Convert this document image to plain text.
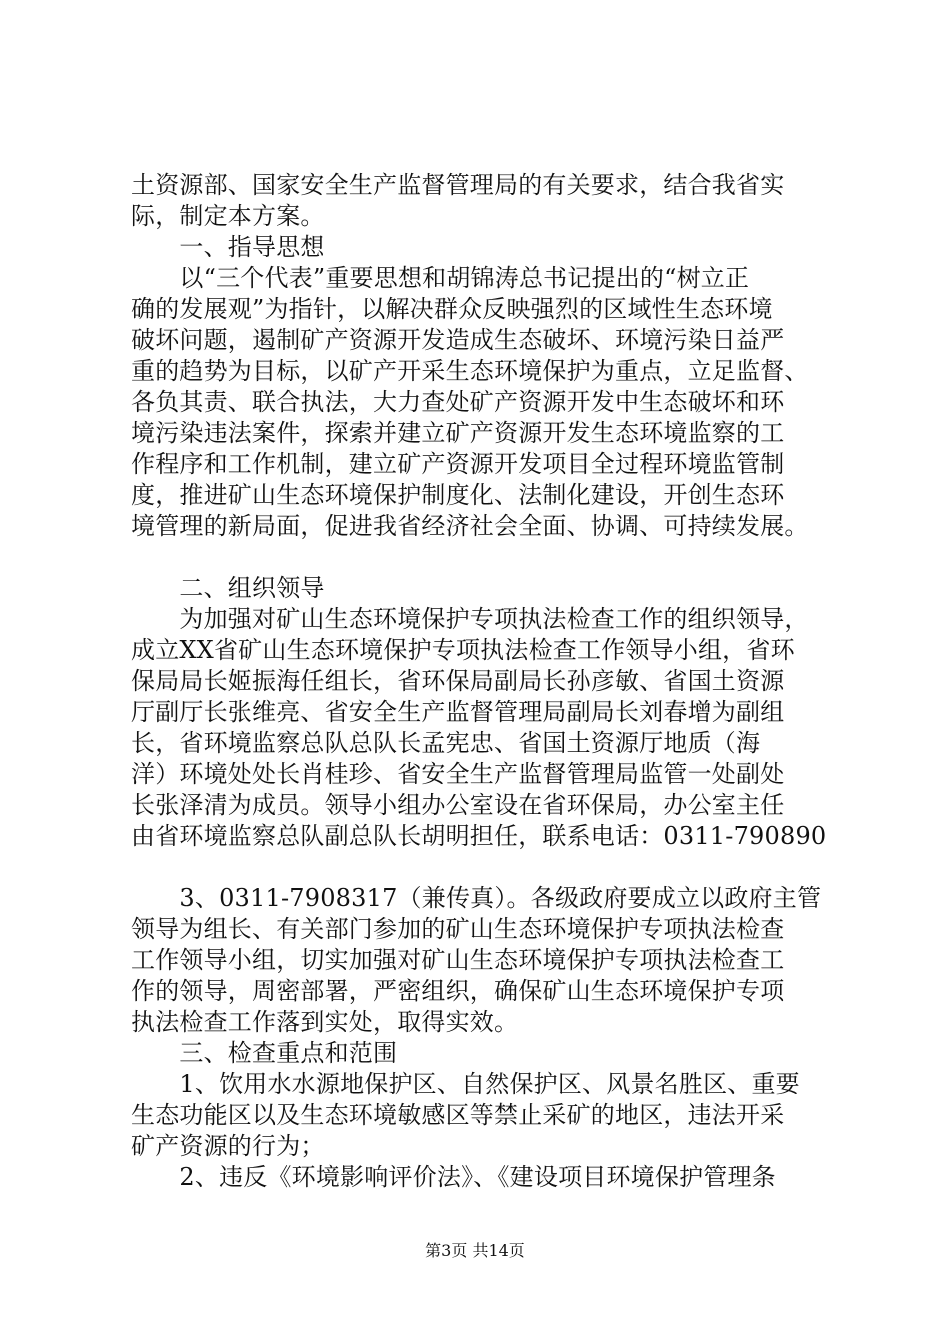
土资源部、国家安全生产监督管理局的有关要求，结合我省实
际，制定本方案。
　　一、指导思想
　　以“三个代表”重要思想和胡锦涛总书记提出的“树立正
确的发展观”为指针，以解决群众反映强烈的区域性生态环境
破坏问题，遏制矿产资源开发造成生态破坏、环境污染日益严
重的趋势为目标，以矿产开采生态环境保护为重点，立足监督、
各负其责、联合执法，大力查处矿产资源开发中生态破坏和环
境污染违法案件，探索并建立矿产资源开发生态环境监察的工
作程序和工作机制，建立矿产资源开发项目全过程环境监管制
度，推进矿山生态环境保护制度化、法制化建设，开创生态环
境管理的新局面，促进我省经济社会全面、协调、可持续发展。
　　二、组织领导
　　为加强对矿山生态环境保护专项执法检查工作的组织领导，
成立XX省矿山生态环境保护专项执法检查工作领导小组，省环
保局局长姬振海任组长，省环保局副局长孙彦敏、省国土资源
厅副厅长张维亮、省安全生产监督管理局副局长刘春增为副组
长，省环境监察总队总队长孟宪忠、省国土资源厅地质（海
洋）环境处处长肖桂珍、省安全生产监督管理局监管一处副处
长张泽清为成员。领导小组办公室设在省环保局，办公室主任
由省环境监察总队副总队长胡明担任，联系电话：0311-790890
　　3、0311-7908317（兼传真）。各级政府要成立以政府主管
领导为组长、有关部门参加的矿山生态环境保护专项执法检查
工作领导小组，切实加强对矿山生态环境保护专项执法检查工
作的领导，周密部署，严密组织，确保矿山生态环境保护专项
执法检查工作落到实处，取得实效。
　　三、检查重点和范围
　　1、饮用水水源地保护区、自然保护区、风景名胜区、重要
生态功能区以及生态环境敏感区等禁止采矿的地区，违法开采
矿产资源的行为；
　　2、违反《环境影响评价法》、《建设项目环境保护管理条
第3页 共14页
